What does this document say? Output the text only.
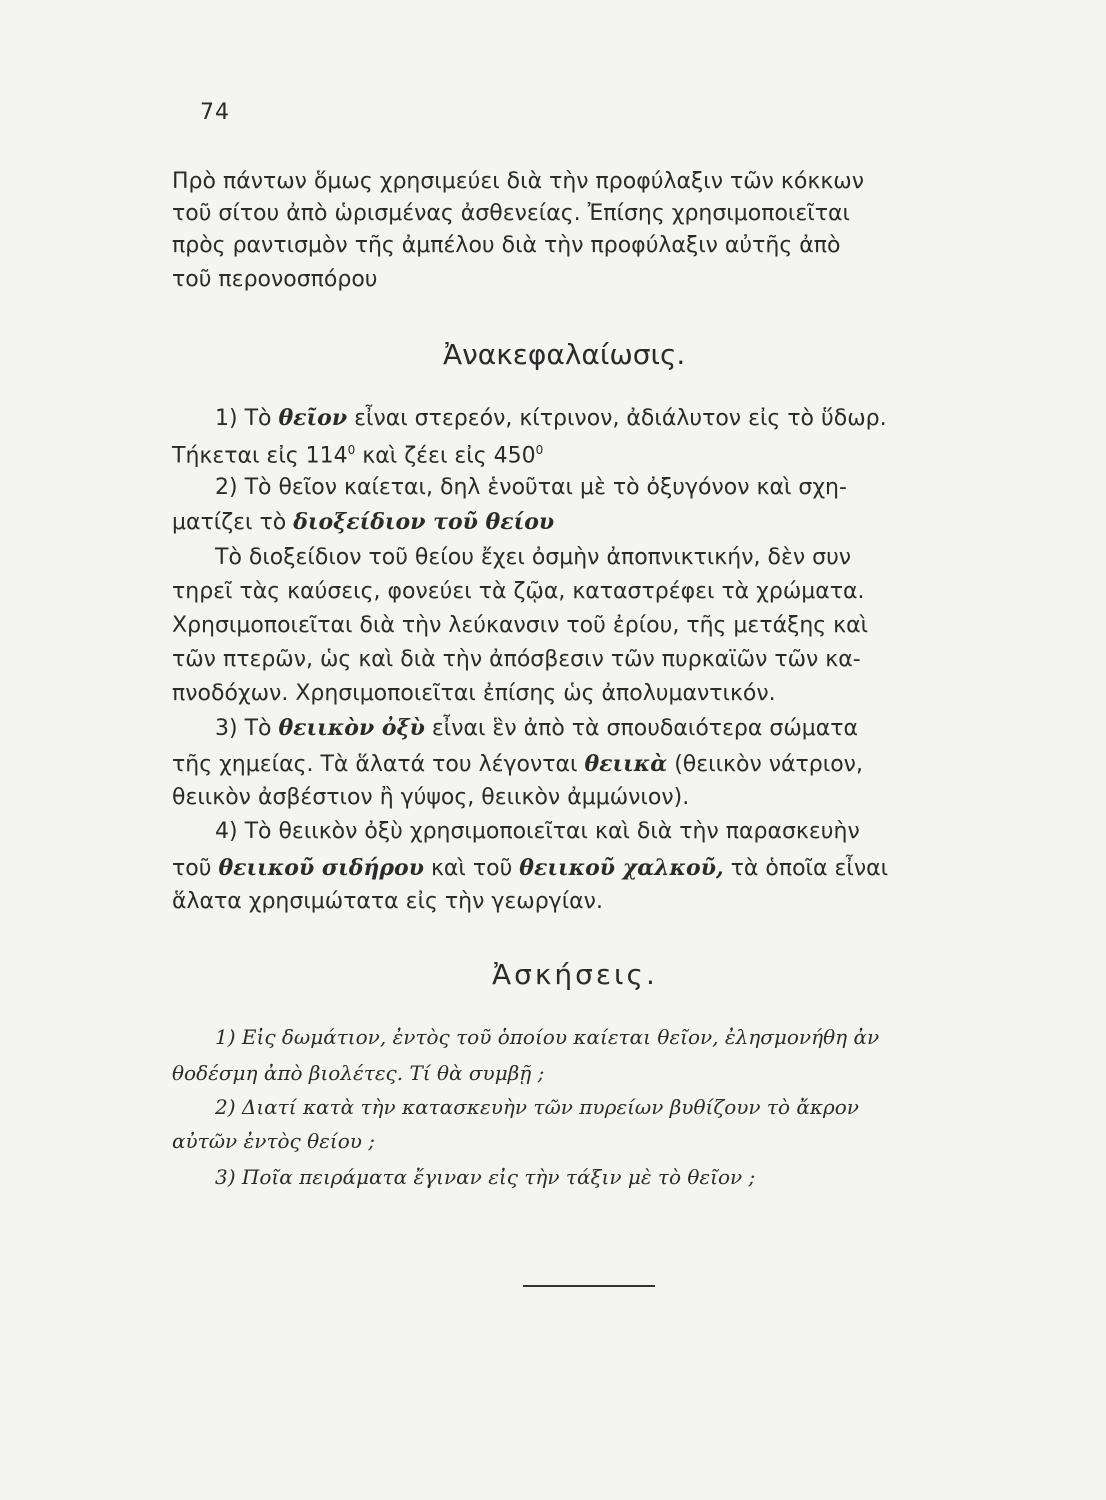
74
Πρὸ πάντων ὅμως χρησιμεύει διὰ τὴν προφύλαξιν τῶν κόκκων
τοῦ σίτου ἀπὸ ὡρισμένας ἀσθενείας. Ἐπίσης χρησιμοποιεῖται
πρὸς ραντισμὸν τῆς ἀμπέλου διὰ τὴν προφύλαξιν αὐτῆς ἀπὸ
τοῦ περονοσπόρου
Ἀνακεφαλαίωσις.
1) Τὸ θεῖον εἶναι στερεόν, κίτρινον, ἀδιάλυτον εἰς τὸ ὕδωρ.
Τήκεται εἰς $114^0$ καὶ ζέει εἰς $450^0$
2) Τὸ θεῖον καίεται, δηλ ἑνοῦται μὲ τὸ ὀξυγόνον καὶ σχη-
ματίζει τὸ διοξείδιον τοῦ θείου
Τὸ διοξείδιον τοῦ θείου ἔχει ὀσμὴν ἀποπνικτικήν, δὲν συν
τηρεῖ τὰς καύσεις, φονεύει τὰ ζῷα, καταστρέφει τὰ χρώματα.
Χρησιμοποιεῖται διὰ τὴν λεύκανσιν τοῦ ἐρίου, τῆς μετάξης καὶ
τῶν πτερῶν, ὡς καὶ διὰ τὴν ἀπόσβεσιν τῶν πυρκαϊῶν τῶν κα-
πνοδόχων. Χρησιμοποιεῖται ἐπίσης ὡς ἀπολυμαντικόν.
3) Τὸ θειικὸν ὀξὺ εἶναι ἓν ἀπὸ τὰ σπουδαιότερα σώματα
τῆς χημείας. Τὰ ἅλατά του λέγονται θειικὰ (θειικὸν νάτριον,
θειικὸν ἀσβέστιον ἢ γύψος, θειικὸν ἀμμώνιον).
4) Τὸ θειικὸν ὀξὺ χρησιμοποιεῖται καὶ διὰ τὴν παρασκευὴν
τοῦ θειικοῦ σιδήρου καὶ τοῦ θειικοῦ χαλκοῦ, τὰ ὁποῖα εἶναι
ἅλατα χρησιμώτατα εἰς τὴν γεωργίαν.
Ἀσκήσεις.
1) Εἰς δωμάτιον, ἐντὸς τοῦ ὁποίου καίεται θεῖον, ἐλησμονήθη ἀν
θοδέσμη ἀπὸ βιολέτες. Τί θὰ συμβῇ ;
2) Διατί κατὰ τὴν κατασκευὴν τῶν πυρείων βυθίζουν τὸ ἄκρον
αὐτῶν ἐντὸς θείου ;
3) Ποῖα πειράματα ἔγιναν εἰς τὴν τάξιν μὲ τὸ θεῖον ;
